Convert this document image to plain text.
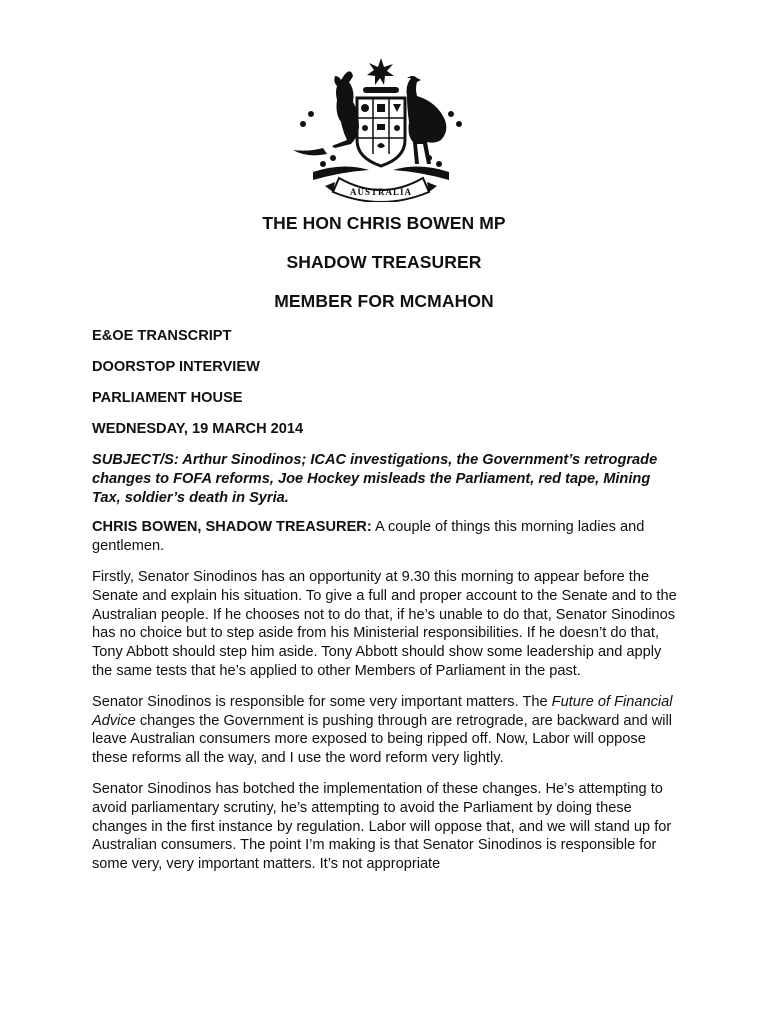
AUSTRALIA
THE HON CHRIS BOWEN MP
SHADOW TREASURER
MEMBER FOR MCMAHON
E&OE TRANSCRIPT
DOORSTOP INTERVIEW
PARLIAMENT HOUSE
WEDNESDAY, 19 MARCH 2014
SUBJECT/S: Arthur Sinodinos; ICAC investigations, the Government’s retrograde changes to FOFA reforms, Joe Hockey misleads the Parliament, red tape, Mining Tax, soldier’s death in Syria.

CHRIS BOWEN, SHADOW TREASURER: A couple of things this morning ladies and gentlemen.

Firstly, Senator Sinodinos has an opportunity at 9.30 this morning to appear before the Senate and explain his situation. To give a full and proper account to the Senate and to the Australian people. If he chooses not to do that, if he’s unable to do that, Senator Sinodinos has no choice but to step aside from his Ministerial responsibilities. If he doesn’t do that, Tony Abbott should step him aside. Tony Abbott should show some leadership and apply the same tests that he’s applied to other Members of Parliament in the past.

Senator Sinodinos is responsible for some very important matters. The Future of Financial Advice changes the Government is pushing through are retrograde, are backward and will leave Australian consumers more exposed to being ripped off. Now, Labor will oppose these reforms all the way, and I use the word reform very lightly.

Senator Sinodinos has botched the implementation of these changes. He’s attempting to avoid parliamentary scrutiny, he’s attempting to avoid the Parliament by doing these changes in the first instance by regulation. Labor will oppose that, and we will stand up for Australian consumers. The point I’m making is that Senator Sinodinos is responsible for some very, very important matters. It’s not appropriate
